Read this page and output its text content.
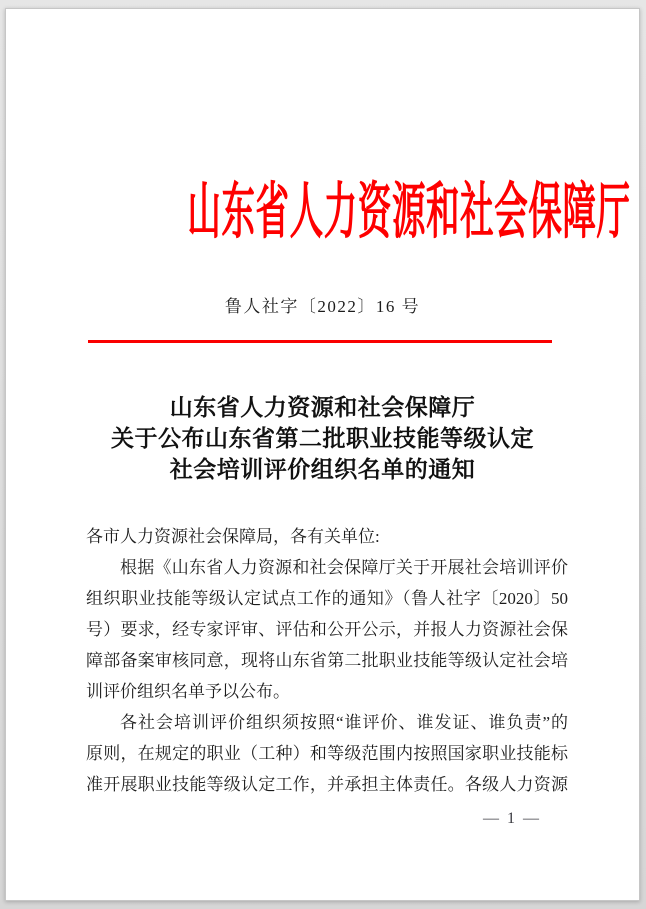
山东省人力资源和社会保障厅
鲁人社字〔2022〕16 号
山东省人力资源和社会保障厅
关于公布山东省第二批职业技能等级认定
社会培训评价组织名单的通知
各市人力资源社会保障局，各有关单位:
根据《山东省人力资源和社会保障厅关于开展社会培训评价
组织职业技能等级认定试点工作的通知》（鲁人社字〔2020〕50
号）要求，经专家评审、评估和公开公示，并报人力资源社会保
障部备案审核同意，现将山东省第二批职业技能等级认定社会培
训评价组织名单予以公布。
各社会培训评价组织须按照“谁评价、谁发证、谁负责”的
原则，在规定的职业（工种）和等级范围内按照国家职业技能标
准开展职业技能等级认定工作，并承担主体责任。各级人力资源
— 1 —
